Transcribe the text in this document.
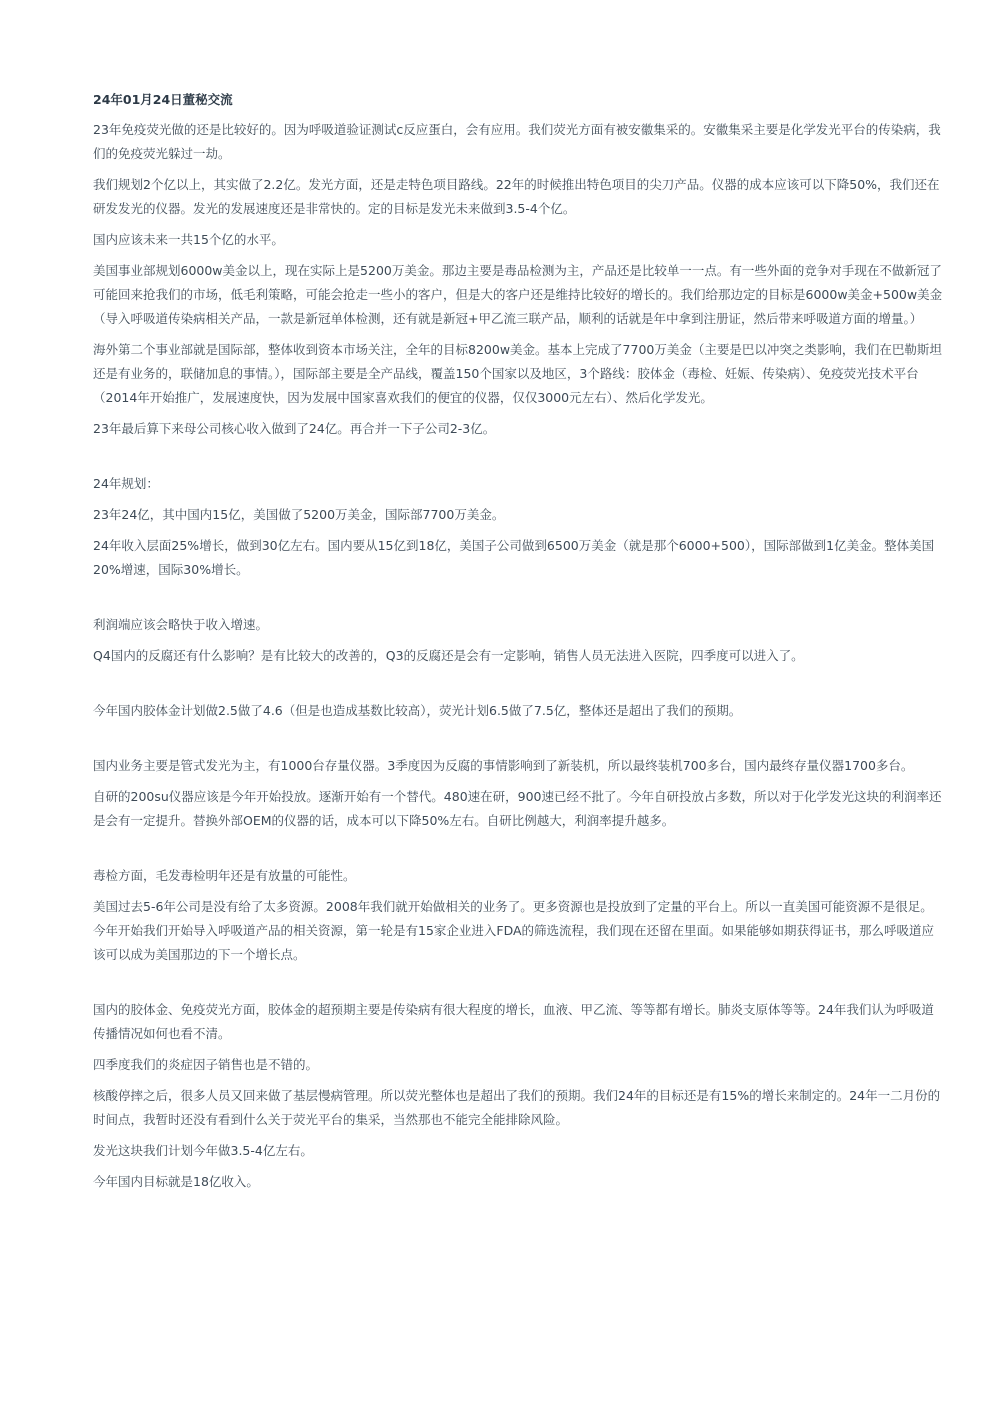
24年01月24日董秘交流
23年免疫荧光做的还是比较好的。因为呼吸道验证测试c反应蛋白，会有应用。我们荧光方面有被安徽集采的。安徽集采主要是化学发光平台的传染病，我们的免疫荧光躲过一劫。
我们规划2个亿以上，其实做了2.2亿。发光方面，还是走特色项目路线。22年的时候推出特色项目的尖刀产品。仪器的成本应该可以下降50%，我们还在研发发光的仪器。发光的发展速度还是非常快的。定的目标是发光未来做到3.5-4个亿。
国内应该未来一共15个亿的水平。
美国事业部规划6000w美金以上，现在实际上是5200万美金。那边主要是毒品检测为主，产品还是比较单一一点。有一些外面的竞争对手现在不做新冠了可能回来抢我们的市场，低毛利策略，可能会抢走一些小的客户，但是大的客户还是维持比较好的增长的。我们给那边定的目标是6000w美金+500w美金（导入呼吸道传染病相关产品，一款是新冠单体检测，还有就是新冠+甲乙流三联产品，顺利的话就是年中拿到注册证，然后带来呼吸道方面的增量。）
海外第二个事业部就是国际部，整体收到资本市场关注，全年的目标8200w美金。基本上完成了7700万美金（主要是巴以冲突之类影响，我们在巴勒斯坦还是有业务的，联储加息的事情。），国际部主要是全产品线，覆盖150个国家以及地区，3个路线：胶体金（毒检、妊娠、传染病）、免疫荧光技术平台（2014年开始推广，发展速度快，因为发展中国家喜欢我们的便宜的仪器，仅仅3000元左右）、然后化学发光。
23年最后算下来母公司核心收入做到了24亿。再合并一下子公司2-3亿。
24年规划：
23年24亿，其中国内15亿，美国做了5200万美金，国际部7700万美金。
24年收入层面25%增长，做到30亿左右。国内要从15亿到18亿，美国子公司做到6500万美金（就是那个6000+500），国际部做到1亿美金。整体美国20%增速，国际30%增长。
利润端应该会略快于收入增速。
Q4国内的反腐还有什么影响？是有比较大的改善的，Q3的反腐还是会有一定影响，销售人员无法进入医院，四季度可以进入了。
今年国内胶体金计划做2.5做了4.6（但是也造成基数比较高），荧光计划6.5做了7.5亿，整体还是超出了我们的预期。
国内业务主要是管式发光为主，有1000台存量仪器。3季度因为反腐的事情影响到了新装机，所以最终装机700多台，国内最终存量仪器1700多台。
自研的200su仪器应该是今年开始投放。逐渐开始有一个替代。480速在研，900速已经不批了。今年自研投放占多数，所以对于化学发光这块的利润率还是会有一定提升。替换外部OEM的仪器的话，成本可以下降50%左右。自研比例越大，利润率提升越多。
毒检方面，毛发毒检明年还是有放量的可能性。
美国过去5-6年公司是没有给了太多资源。2008年我们就开始做相关的业务了。更多资源也是投放到了定量的平台上。所以一直美国可能资源不是很足。今年开始我们开始导入呼吸道产品的相关资源，第一轮是有15家企业进入FDA的筛选流程，我们现在还留在里面。如果能够如期获得证书，那么呼吸道应该可以成为美国那边的下一个增长点。
国内的胶体金、免疫荧光方面，胶体金的超预期主要是传染病有很大程度的增长，血液、甲乙流、等等都有增长。肺炎支原体等等。24年我们认为呼吸道传播情况如何也看不清。
四季度我们的炎症因子销售也是不错的。
核酸停摔之后，很多人员又回来做了基层慢病管理。所以荧光整体也是超出了我们的预期。我们24年的目标还是有15%的增长来制定的。24年一二月份的时间点，我暂时还没有看到什么关于荧光平台的集采，当然那也不能完全能排除风险。
发光这块我们计划今年做3.5-4亿左右。
今年国内目标就是18亿收入。
